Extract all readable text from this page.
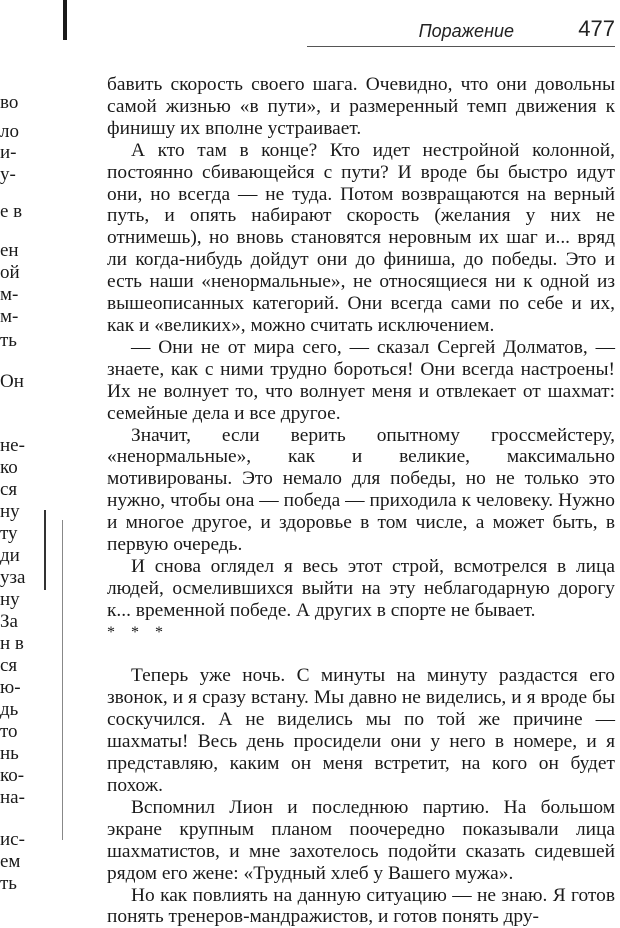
Поражение	477
во
ло
и-
у-
е в
ен
ой
м-
м-
ть
Он
не-
ко
ся
ну
ту
ди
уза
ну
За
н в
ся
ю-
дь
то
нь
ко-
на-
ис-
ем
ть

бавить скорость своего шага. Очевидно, что они довольны самой жизнью «в пути», и размеренный темп движения к финишу их вполне устраивает.

А кто там в конце? Кто идет нестройной колонной, постоянно сбивающейся с пути? И вроде бы быстро идут они, но всегда — не туда. Потом возвращаются на верный путь, и опять набирают скорость (желания у них не отнимешь), но вновь становятся неровным их шаг и... вряд ли когда-нибудь дойдут они до финиша, до победы. Это и есть наши «ненормальные», не относящиеся ни к одной из вышеописанных категорий. Они всегда сами по себе и их, как и «великих», можно считать исключением.

— Они не от мира сего, — сказал Сергей Долматов, — знаете, как с ними трудно бороться! Они всегда настроены! Их не волнует то, что волнует меня и отвлекает от шахмат: семейные дела и все другое.

Значит, если верить опытному гроссмейстеру, «ненормальные», как и великие, максимально мотивированы. Это немало для победы, но не только это нужно, чтобы она — победа — приходила к человеку. Нужно и многое другое, и здоровье в том числе, а может быть, в первую очередь.

И снова оглядел я весь этот строй, всмотрелся в лица людей, осмелившихся выйти на эту неблагодарную дорогу к... временной победе. А других в спорте не бывает.

* * *

Теперь уже ночь. С минуты на минуту раздастся его звонок, и я сразу встану. Мы давно не виделись, и я вроде бы соскучился. А не виделись мы по той же причине — шахматы! Весь день просидели они у него в номере, и я представляю, каким он меня встретит, на кого он будет похож.

Вспомнил Лион и последнюю партию. На большом экране крупным планом поочередно показывали лица шахматистов, и мне захотелось подойти сказать сидевшей рядом его жене: «Трудный хлеб у Вашего мужа».

Но как повлиять на данную ситуацию — не знаю. Я готов понять тренеров-мандражистов, и готов понять дру-
